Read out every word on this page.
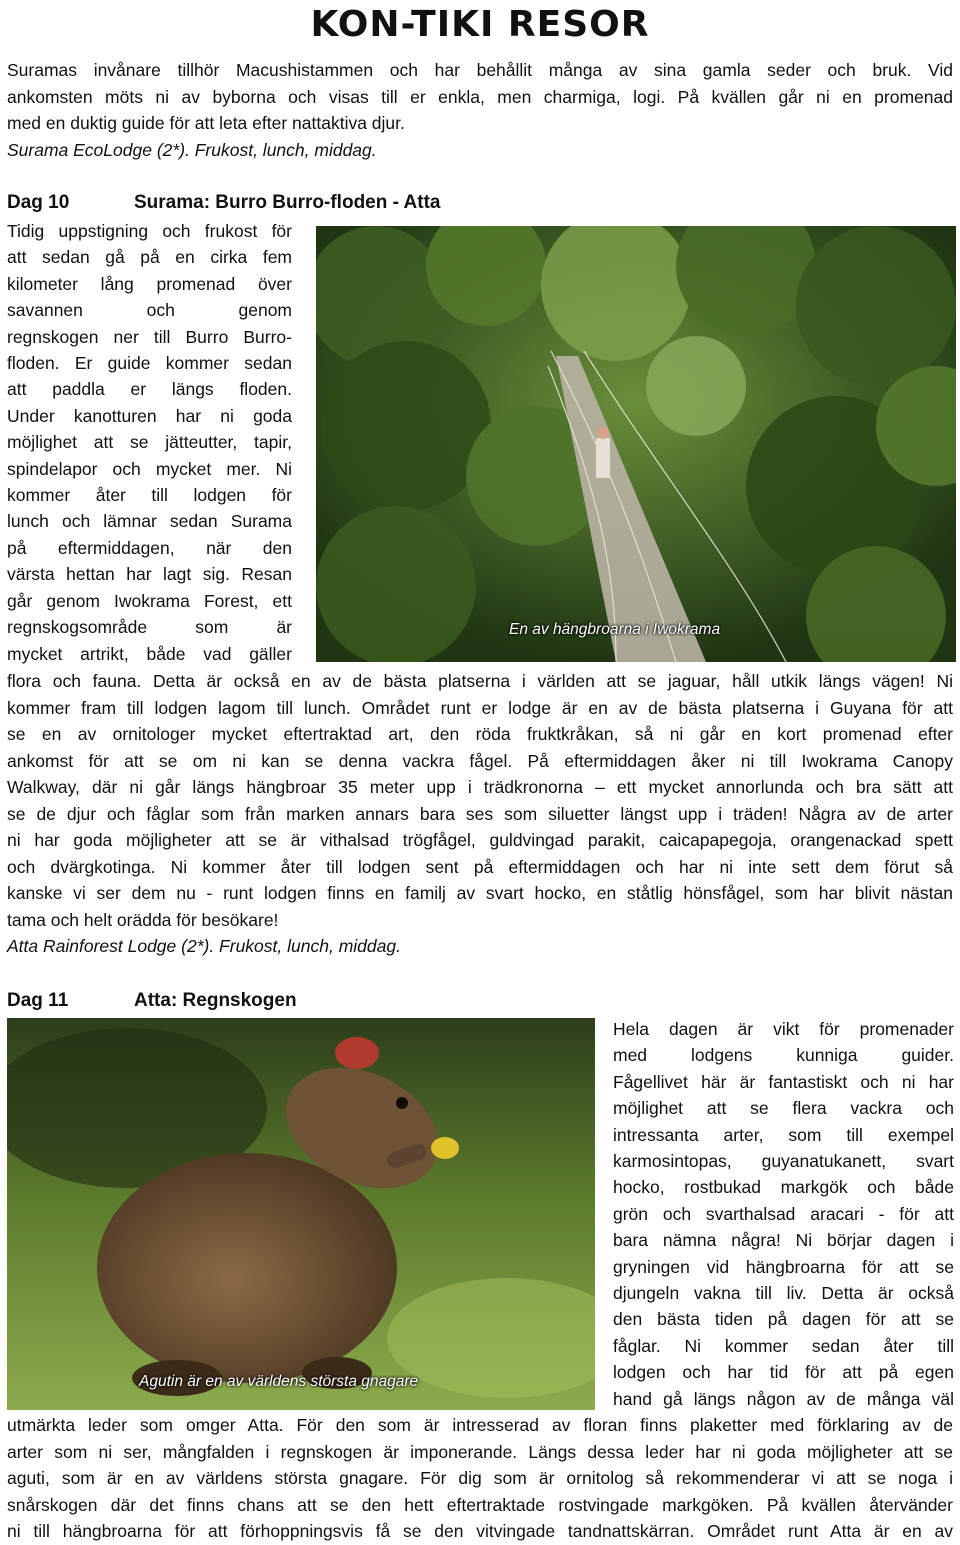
KON-TIKI RESOR
Suramas invånare tillhör Macushistammen och har behållit många av sina gamla seder och bruk. Vid
ankomsten möts ni av byborna och visas till er enkla, men charmiga, logi. På kvällen går ni en promenad
med en duktig guide för att leta efter nattaktiva djur.
Surama EcoLodge (2*). Frukost, lunch, middag.
Dag 10	Surama: Burro Burro-floden - Atta
Tidig uppstigning och frukost för
att sedan gå på en cirka fem
kilometer lång promenad över
savannen och genom
regnskogen ner till Burro Burro-
floden. Er guide kommer sedan
att paddla er längs floden.
Under kanotturen har ni goda
möjlighet att se jätteutter, tapir,
spindelapor och mycket mer. Ni
kommer åter till lodgen för
lunch och lämnar sedan Surama
på eftermiddagen, när den
värsta hettan har lagt sig. Resan
går genom Iwokrama Forest, ett
regnskogsområde som är
mycket artrikt, både vad gäller
En av hängbroarna i Iwokrama
flora och fauna. Detta är också en av de bästa platserna i världen att se jaguar, håll utkik längs vägen! Ni
kommer fram till lodgen lagom till lunch. Området runt er lodge är en av de bästa platserna i Guyana för att
se en av ornitologer mycket eftertraktad art, den röda fruktkråkan, så ni går en kort promenad efter
ankomst för att se om ni kan se denna vackra fågel. På eftermiddagen åker ni till Iwokrama Canopy
Walkway, där ni går längs hängbroar 35 meter upp i trädkronorna – ett mycket annorlunda och bra sätt att
se de djur och fåglar som från marken annars bara ses som siluetter längst upp i träden! Några av de arter
ni har goda möjligheter att se är vithalsad trögfågel, guldvingad parakit, caicapapegoja, orangenackad spett
och dvärgkotinga. Ni kommer åter till lodgen sent på eftermiddagen och har ni inte sett dem förut så
kanske vi ser dem nu - runt lodgen finns en familj av svart hocko, en ståtlig hönsfågel, som har blivit nästan
tama och helt orädda för besökare!
Atta Rainforest Lodge (2*). Frukost, lunch, middag.
Dag 11	Atta: Regnskogen
Agutin är en av världens största gnagare
Hela dagen är vikt för promenader
med lodgens kunniga guider.
Fågellivet här är fantastiskt och ni har
möjlighet att se flera vackra och
intressanta arter, som till exempel
karmosintopas, guyanatukanett, svart
hocko, rostbukad markgök och både
grön och svarthalsad aracari - för att
bara nämna några! Ni börjar dagen i
gryningen vid hängbroarna för att se
djungeln vakna till liv. Detta är också
den bästa tiden på dagen för att se
fåglar. Ni kommer sedan åter till
lodgen och har tid för att på egen
hand gå längs någon av de många väl
utmärkta leder som omger Atta. För den som är intresserad av floran finns plaketter med förklaring av de
arter som ni ser, mångfalden i regnskogen är imponerande. Längs dessa leder har ni goda möjligheter att se
aguti, som är en av världens största gnagare. För dig som är ornitolog så rekommenderar vi att se noga i
snårskogen där det finns chans att se den hett eftertraktade rostvingade markgöken. På kvällen återvänder
ni till hängbroarna för att förhoppningsvis få se den vitvingade tandnattskärran. Området runt Atta är en av
